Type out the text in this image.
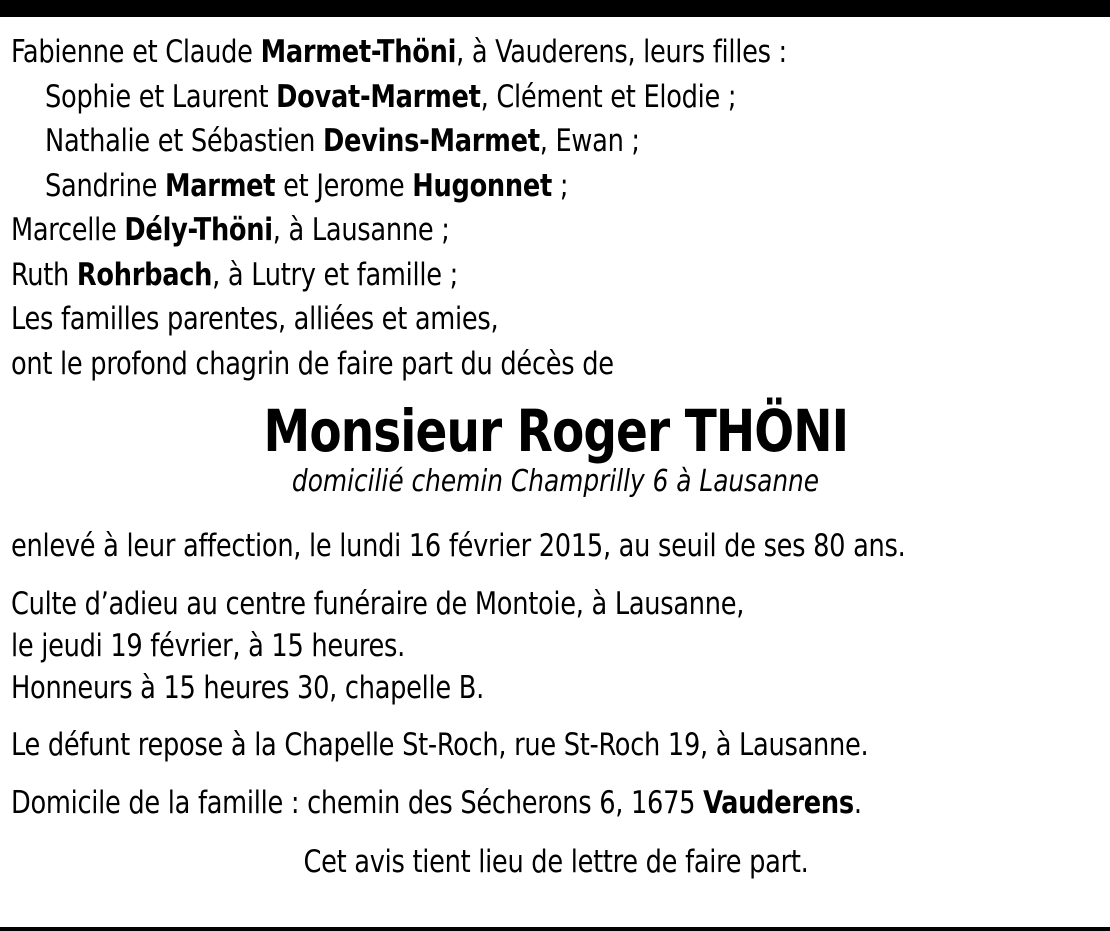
Fabienne et Claude Marmet-Thöni, à Vauderens, leurs filles :
Sophie et Laurent Dovat-Marmet, Clément et Elodie ;
Nathalie et Sébastien Devins-Marmet, Ewan ;
Sandrine Marmet et Jerome Hugonnet ;
Marcelle Dély-Thöni, à Lausanne ;
Ruth Rohrbach, à Lutry et famille ;
Les familles parentes, alliées et amies,
ont le profond chagrin de faire part du décès de
Monsieur Roger THÖNI
domicilié chemin Champrilly 6 à Lausanne
enlevé à leur affection, le lundi 16 février 2015, au seuil de ses 80 ans.
Culte d’adieu au centre funéraire de Montoie, à Lausanne,
le jeudi 19 février, à 15 heures.
Honneurs à 15 heures 30, chapelle B.
Le défunt repose à la Chapelle St-Roch, rue St-Roch 19, à Lausanne.
Domicile de la famille : chemin des Sécherons 6, 1675 Vauderens.
Cet avis tient lieu de lettre de faire part.
